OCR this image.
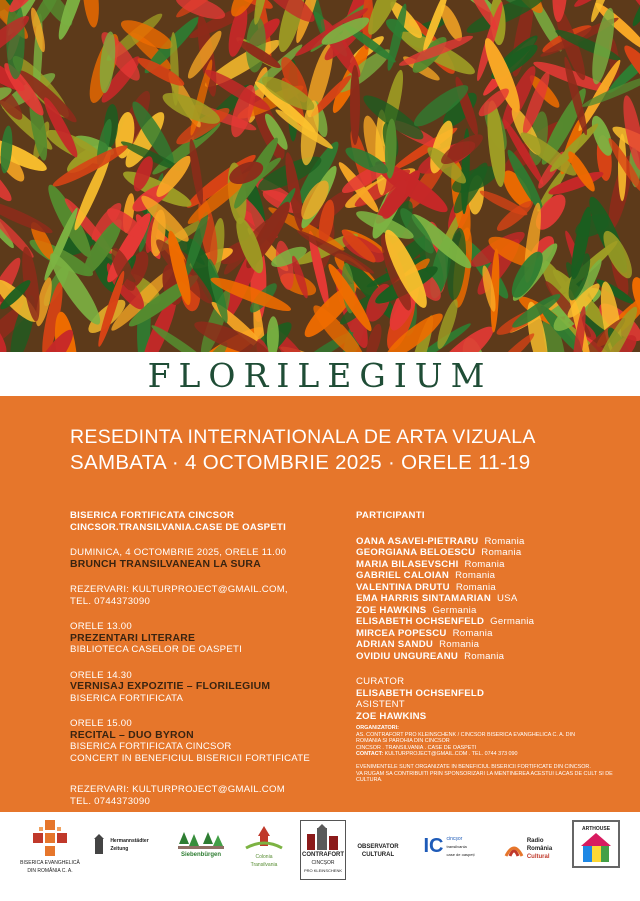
FLORILEGIUM
RESEDINTA INTERNATIONALA DE ARTA VIZUALA
SAMBATA · 4 OCTOMBRIE 2025 · ORELE 11-19
BISERICA FORTIFICATA CINCSOR
CINCSOR.TRANSILVANIA.CASE DE OASPETI
DUMINICA, 4 OCTOMBRIE 2025, ORELE 11.00
BRUNCH TRANSILVANEAN LA SURA
REZERVARI: KULTURPROJECT@GMAIL.COM,
TEL. 0744373090
ORELE 13.00
PREZENTARI LITERARE
BIBLIOTECA CASELOR DE OASPETI
ORELE 14.30
VERNISAJ EXPOZITIE – FLORILEGIUM
BISERICA FORTIFICATA
ORELE 15.00
RECITAL – DUO BYRON
BISERICA FORTIFICATA CINCSOR
CONCERT IN BENEFICIUL BISERICII FORTIFICATE
REZERVARI: KULTURPROJECT@GMAIL.COM
TEL. 0744373090
PARTICIPANTI
OANA ASAVEI-PIETRARU Romania
GEORGIANA BELOESCU Romania
MARIA BILASEVSCHI Romania
GABRIEL CALOIAN Romania
VALENTINA DRUTU Romania
EMA HARRIS SINTAMARIAN USA
ZOE HAWKINS Germania
ELISABETH OCHSENFELD Germania
MIRCEA POPESCU Romania
ADRIAN SANDU Romania
OVIDIU UNGUREANU Romania
CURATOR
ELISABETH OCHSENFELD
ASISTENT
ZOE HAWKINS
ORGANIZATORI:
AS. CONTRAFORT PRO KLEINSCHENK / CINCSOR BISERICA EVANGHELICA C. A. DIN
ROMANIA SI PAROHIA DIN CINCSOR
CINCSOR . TRANSILVANIA . CASE DE OASPETI
CONTACT: KULTURPROJECT@GMAIL.COM . TEL. 0744 373 090
EVENIMENTELE SUNT ORGANIZATE IN BENEFICIUL BISERICII FORTIFICATE DIN CINCSOR.
VA RUGAM SA CONTRIBUITI PRIN SPONSORIZARI LA MENTINEREA ACESTUI LACAS DE CULT SI DE CULTURA.
BISERICA EVANGHELICĂ
DIN ROMÂNIA C. A.
Hermannstädter
Zeitung
Siebenbürgen	Colonia
Transilvania
CONTRAFORT
CINCȘOR
PRO KLEINSCHENK
OBSERVATOR
CULTURAL IC cincșor
transilvania
case de oaspeți
Radio
România
Cultural
ARTHOUSE
